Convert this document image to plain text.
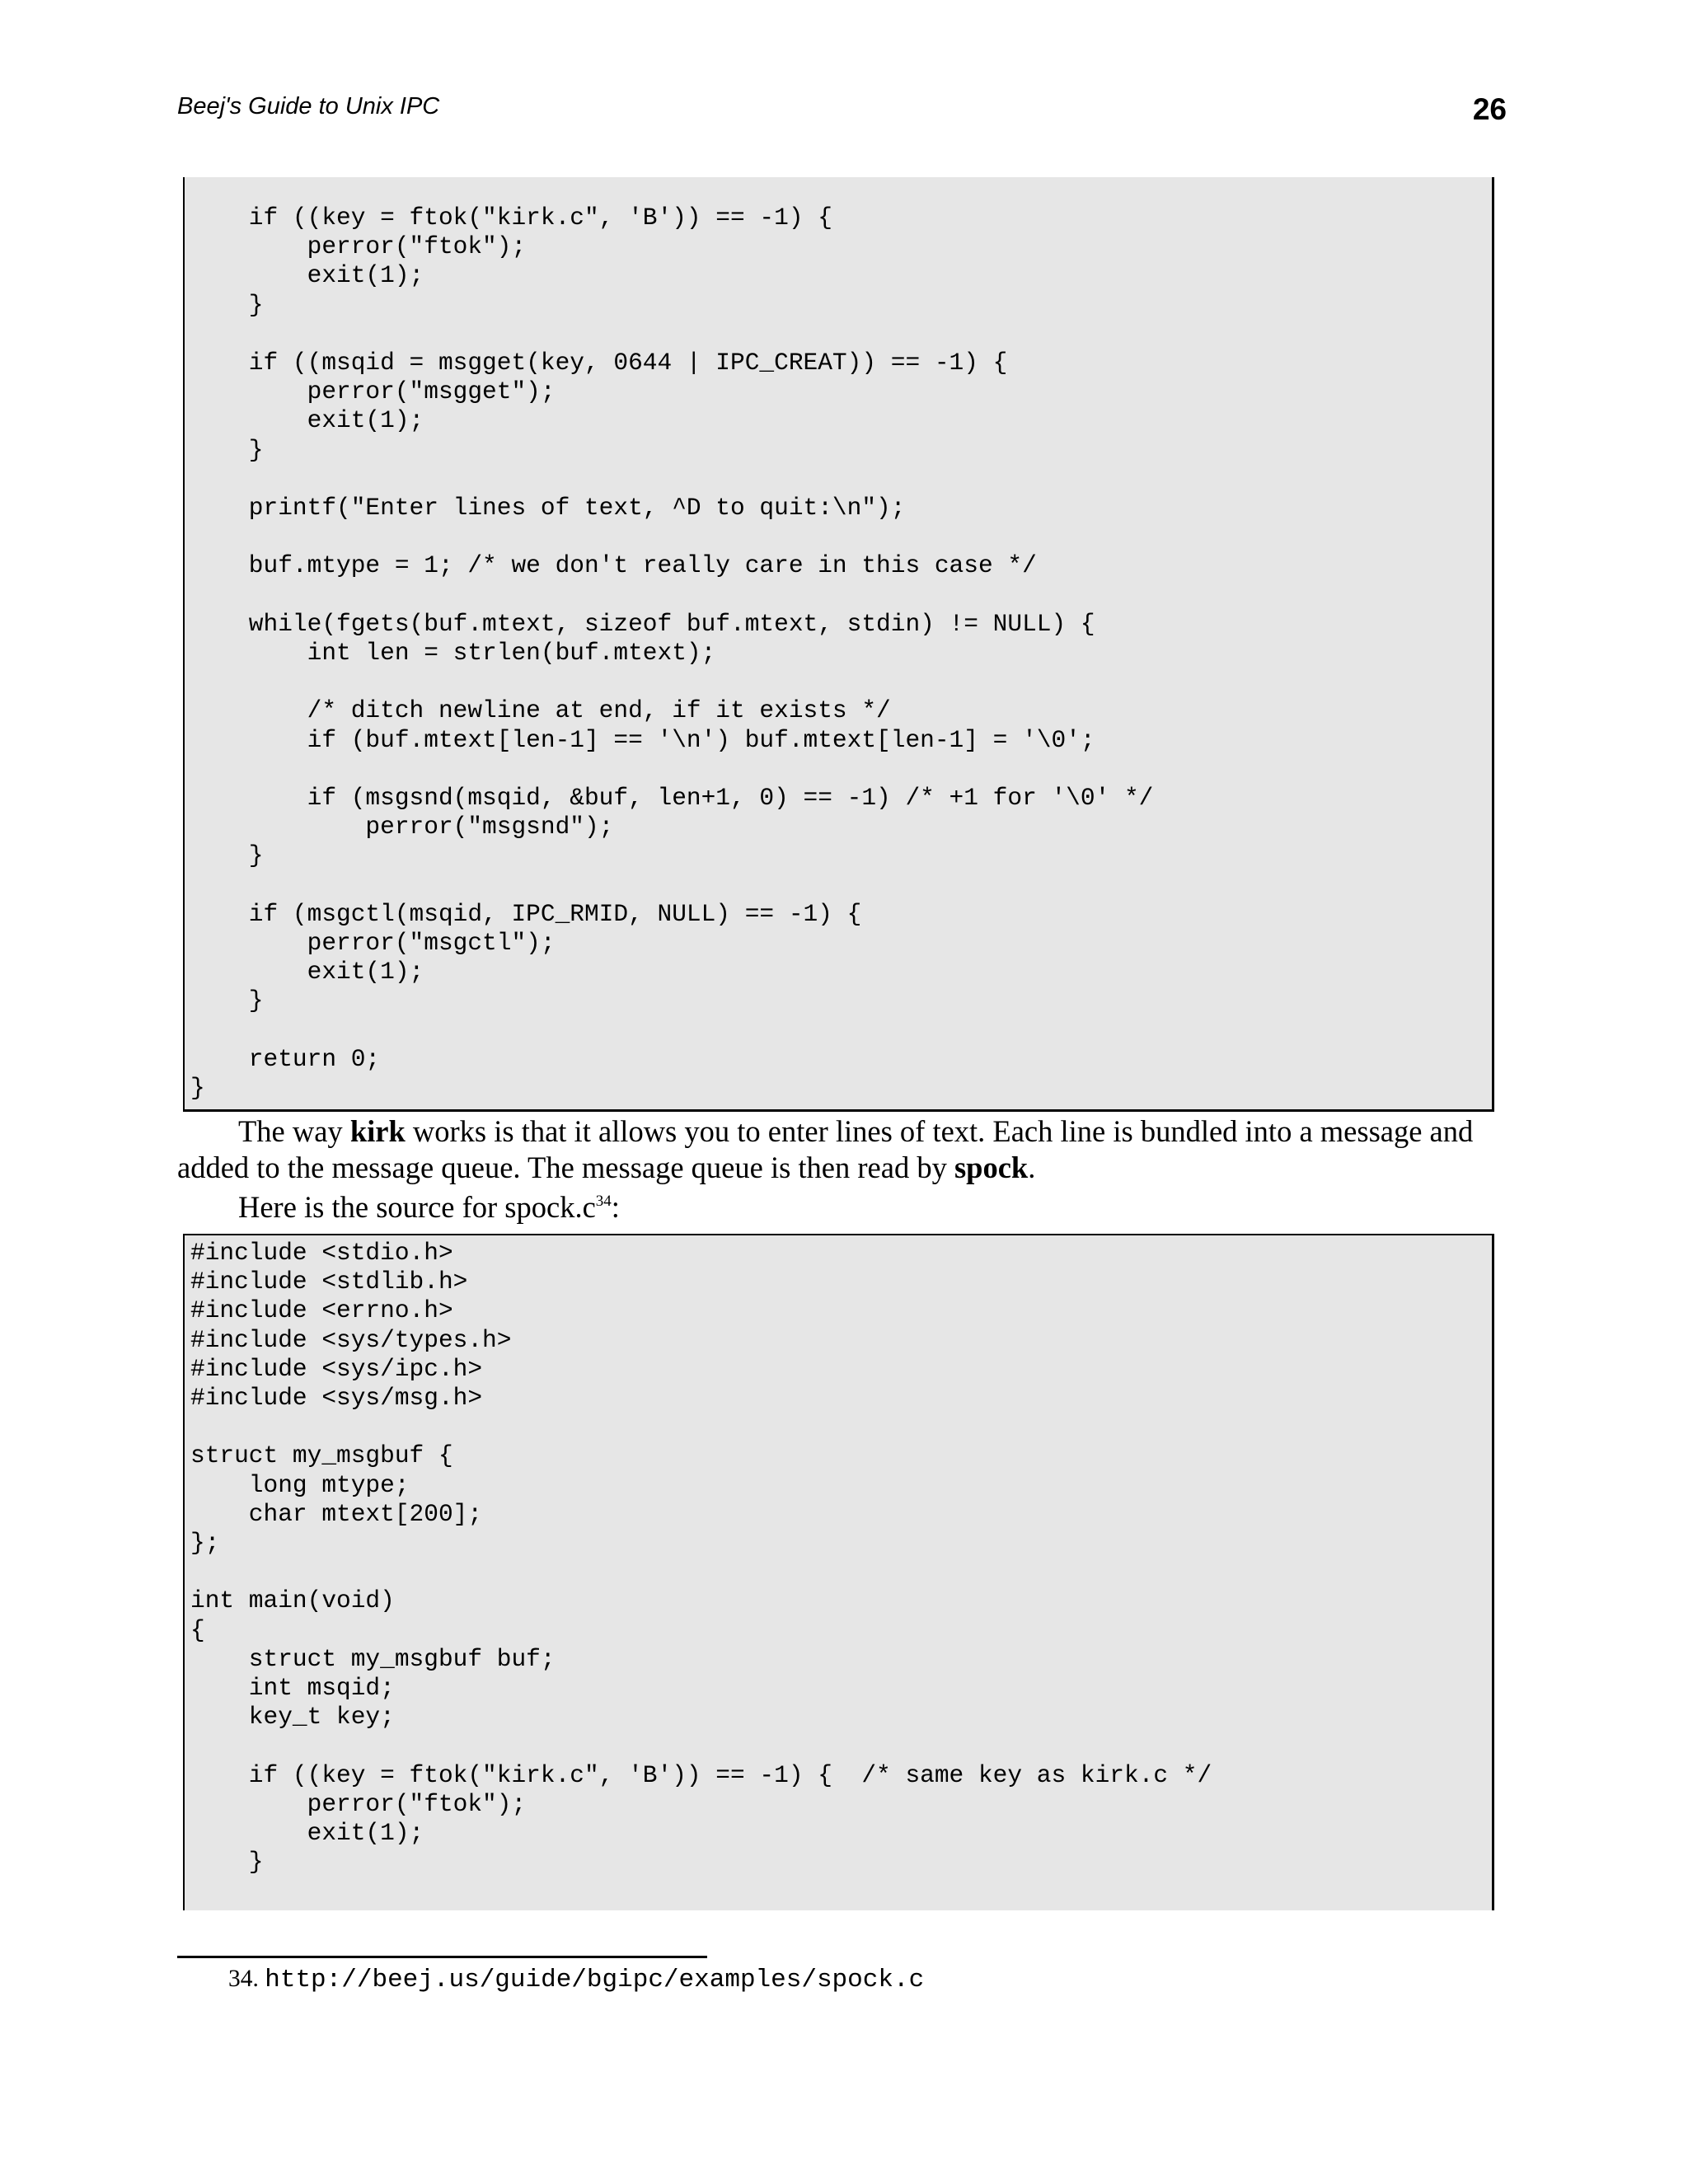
Beej's Guide to Unix IPC	26
if ((key = ftok("kirk.c", 'B')) == -1) {
perror("ftok");
exit(1);
}

if ((msqid = msgget(key, 0644 | IPC_CREAT)) == -1) {
perror("msgget");
exit(1);
}

printf("Enter lines of text, ^D to quit:\n");

buf.mtype = 1; /* we don't really care in this case */

while(fgets(buf.mtext, sizeof buf.mtext, stdin) != NULL) {
int len = strlen(buf.mtext);

/* ditch newline at end, if it exists */
if (buf.mtext[len-1] == '\n') buf.mtext[len-1] = '\0';

if (msgsnd(msqid, &buf, len+1, 0) == -1) /* +1 for '\0' */
perror("msgsnd");
}

if (msgctl(msqid, IPC_RMID, NULL) == -1) {
perror("msgctl");
exit(1);
}

return 0;
}
The way kirk works is that it allows you to enter lines of text. Each line is bundled into a message and added to the message queue. The message queue is then read by spock.
Here is the source for $spock.c^{34}$:
#include <stdio.h>
#include <stdlib.h>
#include <errno.h>
#include <sys/types.h>
#include <sys/ipc.h>
#include <sys/msg.h>

struct my_msgbuf {
long mtype;
char mtext[200];
};

int main(void)
{
struct my_msgbuf buf;
int msqid;
key_t key;

if ((key = ftok("kirk.c", 'B')) == -1) {  /* same key as kirk.c */
perror("ftok");
exit(1);
}
34. http://beej.us/guide/bgipc/examples/spock.c
